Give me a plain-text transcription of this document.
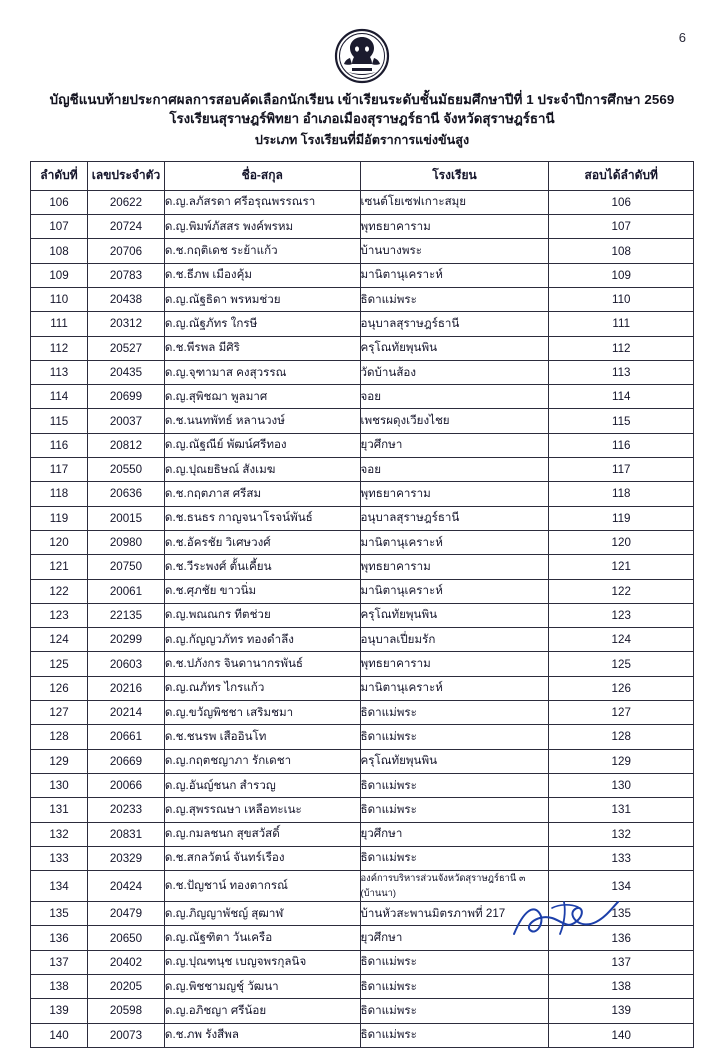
6
บัญชีแนบท้ายประกาศผลการสอบคัดเลือกนักเรียน เข้าเรียนระดับชั้นมัธยมศึกษาปีที่ 1 ประจำปีการศึกษา 2569
โรงเรียนสุราษฎร์พิทยา อำเภอเมืองสุราษฎร์ธานี จังหวัดสุราษฎร์ธานี
ประเภท โรงเรียนที่มีอัตราการแข่งขันสูง
ลำดับที่	เลขประจำตัว	ชื่อ-สกุล	โรงเรียน	สอบได้ลำดับที่
106	20622	ด.ญ.ลภัสรดา ศรีอรุณพรรณรา	เซนต์โยเซฟเกาะสมุย	106
107	20724	ด.ญ.พิมพ์ภัสสร พงค์พรหม	พุทธยาคาราม	107
108	20706	ด.ช.กฤติเดช ระย้าแก้ว	บ้านบางพระ	108
109	20783	ด.ช.ธีภพ เมืองคุ้ม	มานิตานุเคราะห์	109
110	20438	ด.ญ.ณัฐธิดา พรหมช่วย	ธิดาแม่พระ	110
111	20312	ด.ญ.ณัฐภัทร ใกรษี	อนุบาลสุราษฎร์ธานี	111
112	20527	ด.ช.พีรพล มีศิริ	ครุโณทัยพุนพิน	112
113	20435	ด.ญ.จุฑามาส คงสุวรรณ	วัดบ้านส้อง	113
114	20699	ด.ญ.สุพิชฌา พูลมาศ	จอย	114
115	20037	ด.ช.นนทพัทธ์ หลานวงษ์	เพชรผดุงเวียงไชย	115
116	20812	ด.ญ.ณัฐณีย์ พัฒน์ศรีทอง	ยุวศึกษา	116
117	20550	ด.ญ.ปุณยธิษณ์ สังเมฆ	จอย	117
118	20636	ด.ช.กฤตภาส ศรีสม	พุทธยาคาราม	118
119	20015	ด.ช.ธนธร กาญจนาโรจน์พันธ์	อนุบาลสุราษฎร์ธานี	119
120	20980	ด.ช.อัครชัย วิเศษวงศ์	มานิตานุเคราะห์	120
121	20750	ด.ช.วีระพงศ์ ตั้นเคี้ยน	พุทธยาคาราม	121
122	20061	ด.ช.ศุภชัย ขาวนิ่ม	มานิตานุเคราะห์	122
123	22135	ด.ญ.พณณกร ทีตช่วย	ครุโณทัยพุนพิน	123
124	20299	ด.ญ.กัญญวภัทร ทองดำลึง	อนุบาลเปี่ยมรัก	124
125	20603	ด.ช.ปภังกร จินดานากรพันธ์	พุทธยาคาราม	125
126	20216	ด.ญ.ณภัทร ไกรแก้ว	มานิตานุเคราะห์	126
127	20214	ด.ญ.ขวัญพิชชา เสริมชมา	ธิดาแม่พระ	127
128	20661	ด.ช.ชนรพ เสืออินโท	ธิดาแม่พระ	128
129	20669	ด.ญ.กฤตชญาภา รักเดชา	ครุโณทัยพุนพิน	129
130	20066	ด.ญ.อันญ์ชนก สำรวญ	ธิดาแม่พระ	130
131	20233	ด.ญ.สุพรรณษา เหลือทะเนะ	ธิดาแม่พระ	131
132	20831	ด.ญ.กมลชนก สุขสวัสดิ์	ยุวศึกษา	132
133	20329	ด.ช.สกลวัตน์ จันทร์เรือง	ธิดาแม่พระ	133
134	20424	ด.ช.ปัญชาน์ ทองตากรณ์	องค์การบริหารส่วนจังหวัดสุราษฎร์ธานี ๓ (บ้านนา)	134
135	20479	ด.ญ.ภิญญาพัชญ์ สุฒาฬ	บ้านหัวสะพานมิตรภาพที่ 217	135
136	20650	ด.ญ.ณัฐฑิตา วันเครือ	ยุวศึกษา	136
137	20402	ด.ญ.ปุณฑนุช เบญจพรกุลนิจ	ธิดาแม่พระ	137
138	20205	ด.ญ.พิชชามญชุ์ วัฒนา	ธิดาแม่พระ	138
139	20598	ด.ญ.อภิชญา ศรีน้อย	ธิดาแม่พระ	139
140	20073	ด.ช.ภพ รังสีพล	ธิดาแม่พระ	140
